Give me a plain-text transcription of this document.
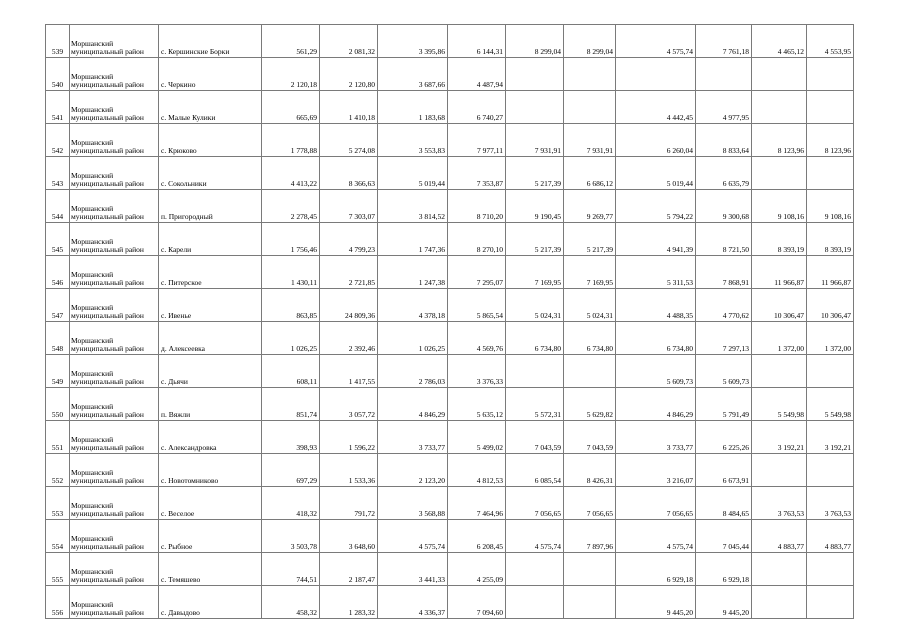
539	Моршанский муниципальный район	с. Кершинские Борки	561,29	2 081,32	3 395,86	6 144,31	8 299,04	8 299,04	4 575,74	7 761,18	4 465,12	4 553,95
540	Моршанский муниципальный район	с. Черкино	2 120,18	2 120,80	3 687,66	4 487,94						
541	Моршанский муниципальный район	с. Малые Кулики	665,69	1 410,18	1 183,68	6 740,27			4 442,45	4 977,95		
542	Моршанский муниципальный район	с. Крюково	1 778,88	5 274,08	3 553,83	7 977,11	7 931,91	7 931,91	6 260,04	8 833,64	8 123,96	8 123,96
543	Моршанский муниципальный район	с. Сокольники	4 413,22	8 366,63	5 019,44	7 353,87	5 217,39	6 686,12	5 019,44	6 635,79		
544	Моршанский муниципальный район	п. Пригородный	2 278,45	7 303,07	3 814,52	8 710,20	9 190,45	9 269,77	5 794,22	9 300,68	9 108,16	9 108,16
545	Моршанский муниципальный район	с. Карели	1 756,46	4 799,23	1 747,36	8 270,10	5 217,39	5 217,39	4 941,39	8 721,50	8 393,19	8 393,19
546	Моршанский муниципальный район	с. Питерское	1 430,11	2 721,85	1 247,38	7 295,07	7 169,95	7 169,95	5 311,53	7 868,91	11 966,87	11 966,87
547	Моршанский муниципальный район	с. Ивенье	863,85	24 809,36	4 378,18	5 865,54	5 024,31	5 024,31	4 488,35	4 770,62	10 306,47	10 306,47
548	Моршанский муниципальный район	д. Алексеевка	1 026,25	2 392,46	1 026,25	4 569,76	6 734,80	6 734,80	6 734,80	7 297,13	1 372,00	1 372,00
549	Моршанский муниципальный район	с. Дьячи	608,11	1 417,55	2 786,03	3 376,33			5 609,73	5 609,73		
550	Моршанский муниципальный район	п. Вяжли	851,74	3 057,72	4 846,29	5 635,12	5 572,31	5 629,82	4 846,29	5 791,49	5 549,98	5 549,98
551	Моршанский муниципальный район	с. Александровка	398,93	1 596,22	3 733,77	5 499,02	7 043,59	7 043,59	3 733,77	6 225,26	3 192,21	3 192,21
552	Моршанский муниципальный район	с. Новотомниково	697,29	1 533,36	2 123,20	4 812,53	6 085,54	8 426,31	3 216,07	6 673,91		
553	Моршанский муниципальный район	с. Веселое	418,32	791,72	3 568,88	7 464,96	7 056,65	7 056,65	7 056,65	8 484,65	3 763,53	3 763,53
554	Моршанский муниципальный район	с. Рыбное	3 503,78	3 648,60	4 575,74	6 208,45	4 575,74	7 897,96	4 575,74	7 045,44	4 883,77	4 883,77
555	Моршанский муниципальный район	с. Темяшево	744,51	2 187,47	3 441,33	4 255,09			6 929,18	6 929,18		
556	Моршанский муниципальный район	с. Давыдово	458,32	1 283,32	4 336,37	7 094,60			9 445,20	9 445,20		
